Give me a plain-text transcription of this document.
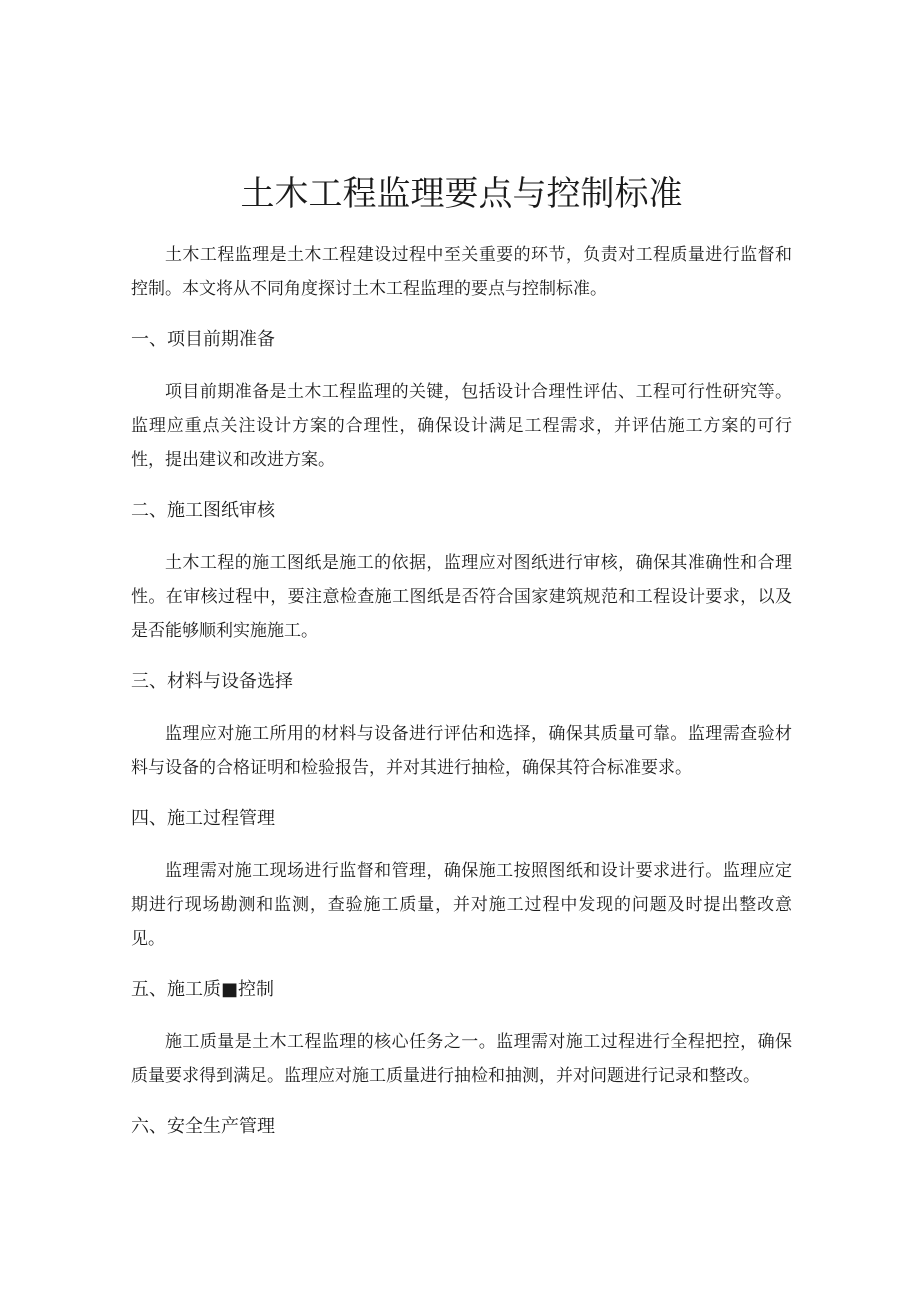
土木工程监理要点与控制标准

土木工程监理是土木工程建设过程中至关重要的环节，负责对工程质量进行监督和控制。本文将从不同角度探讨土木工程监理的要点与控制标准。

一、项目前期准备

项目前期准备是土木工程监理的关键，包括设计合理性评估、工程可行性研究等。监理应重点关注设计方案的合理性，确保设计满足工程需求，并评估施工方案的可行性，提出建议和改进方案。

二、施工图纸审核

土木工程的施工图纸是施工的依据，监理应对图纸进行审核，确保其准确性和合理性。在审核过程中，要注意检查施工图纸是否符合国家建筑规范和工程设计要求，以及是否能够顺利实施施工。

三、材料与设备选择

监理应对施工所用的材料与设备进行评估和选择，确保其质量可靠。监理需查验材料与设备的合格证明和检验报告，并对其进行抽检，确保其符合标准要求。

四、施工过程管理

监理需对施工现场进行监督和管理，确保施工按照图纸和设计要求进行。监理应定期进行现场勘测和监测，查验施工质量，并对施工过程中发现的问题及时提出整改意见。

五、施工质■控制

施工质量是土木工程监理的核心任务之一。监理需对施工过程进行全程把控，确保质量要求得到满足。监理应对施工质量进行抽检和抽测，并对问题进行记录和整改。

六、安全生产管理
